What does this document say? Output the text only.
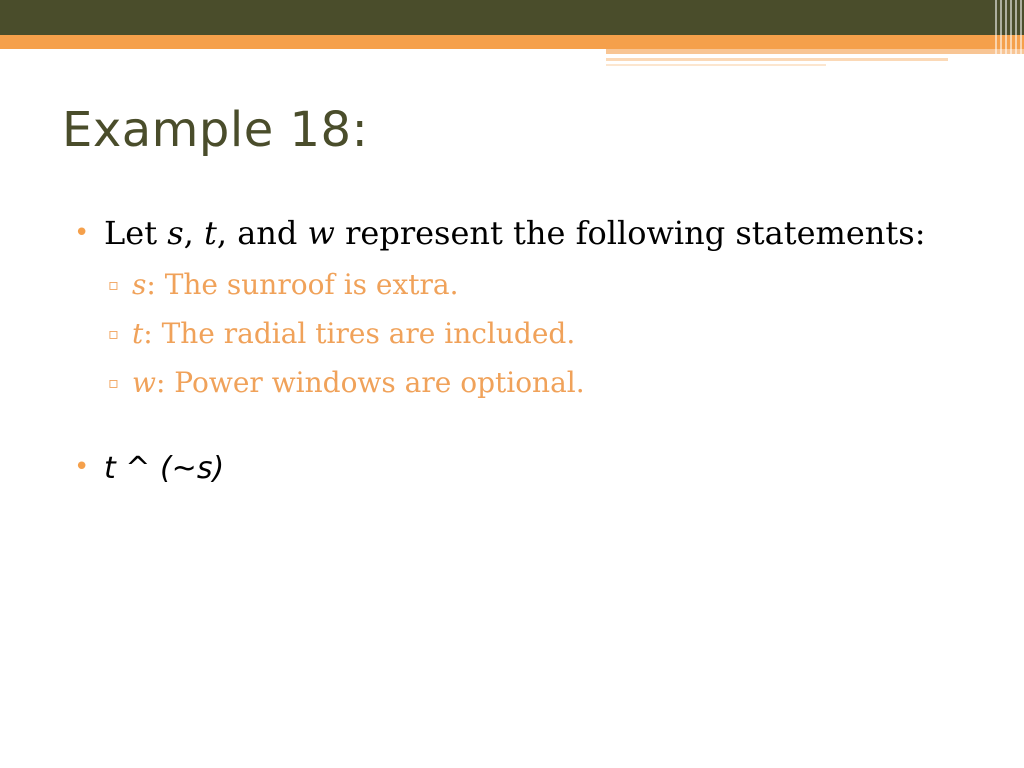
Example 18:
• Let s, t, and w represent the following statements:
▫ s: The sunroof is extra.
▫ t: The radial tires are included.
▫ w: Power windows are optional.
• t ^ (~s)
